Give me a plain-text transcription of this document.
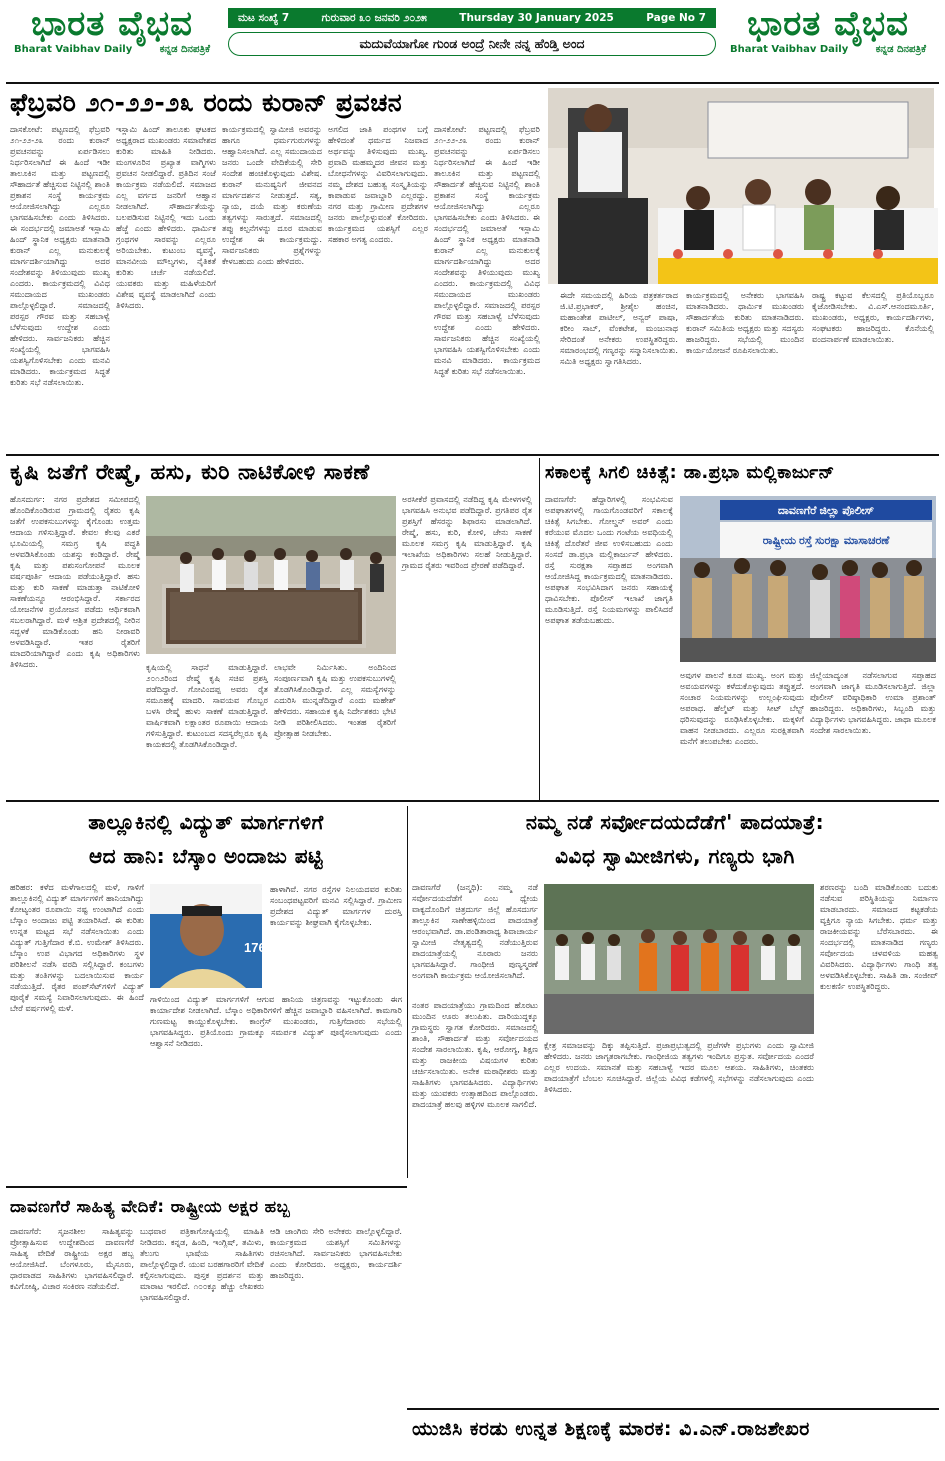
ಭಾರತ ವೈಭವ
Bharat Vaibhav Daily	ಕನ್ನಡ ದಿನಪತ್ರಿಕೆ
ಮಟ ಸಂಖ್ಯೆ 7	ಗುರುವಾರ ೩೦ ಜನವರಿ ೨೦೨೫	Thursday 30 January 2025	Page No 7
ಮದುವೆಯಾಗೋ ಗುಂಡ ಅಂದ್ರೆ ನೀನೇ ನನ್ನ ಹೆಂಡ್ತಿ ಅಂದ	ಭಾರತ ವೈಭವ
Bharat Vaibhav Daily	ಕನ್ನಡ ದಿನಪತ್ರಿಕೆ
ಫೆಬ್ರವರಿ ೨೧-೨೨-೨೩ ರಂದು ಕುರಾನ್ ಪ್ರವಚನ
ದಾಸಕೋಟೆ: ಪಟ್ಟಣದಲ್ಲಿ ಫೆಬ್ರವರಿ ೨೧-೨೨-೨೩ ರಂದು ಕುರಾನ್ ಪ್ರವಚನವನ್ನು ಏರ್ಪಡಿಸಲು ನಿರ್ಧರಿಸಲಾಗಿದೆ ಈ ಹಿಂದೆ ಇಡೀ ತಾಲೂಕಿನ ಮತ್ತು ಪಟ್ಟಣದಲ್ಲಿ ಸೌಹಾರ್ದತೆ ಹೆಚ್ಚಿಸುವ ನಿಟ್ಟಿನಲ್ಲಿ ಶಾಂತಿ ಪ್ರಕಾಶನ ಸಂಸ್ಥೆ ಕಾರ್ಯಕ್ರಮ ಆಯೋಜಿಸಲಾಗಿದ್ದು ಎಲ್ಲರೂ ಭಾಗವಹಿಸಬೇಕು ಎಂದು ತಿಳಿಸಿದರು. ಈ ಸಂದರ್ಭದಲ್ಲಿ ಜಮಾಅತೆ ಇಸ್ಲಾಮಿ ಹಿಂದ್ ಸ್ಥಾನಿಕ ಅಧ್ಯಕ್ಷರು ಮಾತನಾಡಿ ಕುರಾನ್ ಎಲ್ಲ ಮನುಕುಲಕ್ಕೆ ಮಾರ್ಗದರ್ಶಿಯಾಗಿದ್ದು ಅದರ ಸಂದೇಶವನ್ನು ತಿಳಿಯುವುದು ಮುಖ್ಯ ಎಂದರು. ಕಾರ್ಯಕ್ರಮದಲ್ಲಿ ವಿವಿಧ ಸಮುದಾಯದ ಮುಖಂಡರು ಪಾಲ್ಗೊಳ್ಳಲಿದ್ದಾರೆ. ಸಮಾಜದಲ್ಲಿ ಪರಸ್ಪರ ಗೌರವ ಮತ್ತು ಸಹಬಾಳ್ವೆ ಬೆಳೆಸುವುದು ಉದ್ದೇಶ ಎಂದು ಹೇಳಿದರು. ಸಾರ್ವಜನಿಕರು ಹೆಚ್ಚಿನ ಸಂಖ್ಯೆಯಲ್ಲಿ ಭಾಗವಹಿಸಿ ಯಶಸ್ವಿಗೊಳಿಸಬೇಕು ಎಂದು ಮನವಿ ಮಾಡಿದರು. ಕಾರ್ಯಕ್ರಮದ ಸಿದ್ಧತೆ ಕುರಿತು ಸಭೆ ನಡೆಸಲಾಯಿತು.
ಇಸ್ಲಾಮಿ ಹಿಂದ್ ತಾಲೂಕು ಘಟಕದ ಅಧ್ಯಕ್ಷರಾದ ಮುಖಂಡರು ಸಮಾವೇಶದ ಕುರಿತು ಮಾಹಿತಿ ನೀಡಿದರು. ಮಂಗಳೂರಿನ ಪ್ರಖ್ಯಾತ ವಾಗ್ಮಿಗಳು ಪ್ರವಚನ ನೀಡಲಿದ್ದಾರೆ. ಪ್ರತಿದಿನ ಸಂಜೆ ಕಾರ್ಯಕ್ರಮ ನಡೆಯಲಿದೆ. ಸಮಾಜದ ಎಲ್ಲ ವರ್ಗದ ಜನರಿಗೆ ಆಹ್ವಾನ ನೀಡಲಾಗಿದೆ. ಸೌಹಾರ್ದತೆಯನ್ನು ಬಲಪಡಿಸುವ ನಿಟ್ಟಿನಲ್ಲಿ ಇದು ಒಂದು ಹೆಜ್ಜೆ ಎಂದು ಹೇಳಿದರು. ಧಾರ್ಮಿಕ ಗ್ರಂಥಗಳ ಸಾರವನ್ನು ಎಲ್ಲರೂ ಅರಿಯಬೇಕು. ಕುಟುಂಬ ವ್ಯವಸ್ಥೆ, ಮಾನವೀಯ ಮೌಲ್ಯಗಳು, ನೈತಿಕತೆ ಕುರಿತು ಚರ್ಚೆ ನಡೆಯಲಿದೆ. ಯುವಕರು ಮತ್ತು ಮಹಿಳೆಯರಿಗೆ ವಿಶೇಷ ವ್ಯವಸ್ಥೆ ಮಾಡಲಾಗಿದೆ ಎಂದು ತಿಳಿಸಿದರು.
ಕಾರ್ಯಕ್ರಮದಲ್ಲಿ ಸ್ವಾಮೀಜಿ ಅವರನ್ನು ಹಾಗೂ ಧರ್ಮಗುರುಗಳನ್ನು ಆಹ್ವಾನಿಸಲಾಗಿದೆ. ಎಲ್ಲ ಸಮುದಾಯದ ಜನರು ಒಂದೇ ವೇದಿಕೆಯಲ್ಲಿ ಸೇರಿ ಸಂದೇಶ ಹಂಚಿಕೊಳ್ಳುವುದು ವಿಶೇಷ. ಕುರಾನ್ ಮನುಷ್ಯನಿಗೆ ಜೀವನದ ಮಾರ್ಗದರ್ಶನ ನೀಡುತ್ತದೆ. ಸತ್ಯ, ನ್ಯಾಯ, ದಯೆ ಮತ್ತು ಕರುಣೆಯ ತತ್ವಗಳನ್ನು ಸಾರುತ್ತದೆ. ಸಮಾಜದಲ್ಲಿ ತಪ್ಪು ಕಲ್ಪನೆಗಳನ್ನು ದೂರ ಮಾಡುವ ಉದ್ದೇಶ ಈ ಕಾರ್ಯಕ್ರಮದ್ದು. ಸಾರ್ವಜನಿಕರು ಪ್ರಶ್ನೆಗಳನ್ನು ಕೇಳಬಹುದು ಎಂದು ಹೇಳಿದರು.
ಅಗಲಿದ ಜಾತಿ ಪಂಥಗಳ ಬಗ್ಗೆ ಹೇಳಿದಂತೆ ಧರ್ಮದ ನಿಜವಾದ ಅರ್ಥವನ್ನು ತಿಳಿಸುವುದು ಮುಖ್ಯ. ಪ್ರವಾದಿ ಮಹಮ್ಮದರ ಜೀವನ ಮತ್ತು ಬೋಧನೆಗಳನ್ನು ವಿವರಿಸಲಾಗುವುದು. ನಮ್ಮ ದೇಶದ ಬಹುತ್ವ ಸಂಸ್ಕೃತಿಯನ್ನು ಕಾಪಾಡುವ ಜವಾಬ್ದಾರಿ ಎಲ್ಲರದ್ದು. ನಗರ ಮತ್ತು ಗ್ರಾಮೀಣ ಪ್ರದೇಶಗಳ ಜನರು ಪಾಲ್ಗೊಳ್ಳುವಂತೆ ಕೋರಿದರು. ಕಾರ್ಯಕ್ರಮದ ಯಶಸ್ಸಿಗೆ ಎಲ್ಲರ ಸಹಕಾರ ಅಗತ್ಯ ಎಂದರು.
ದಾಸಕೋಟೆ: ಪಟ್ಟಣದಲ್ಲಿ ಫೆಬ್ರವರಿ ೨೧-೨೨-೨೩ ರಂದು ಕುರಾನ್ ಪ್ರವಚನವನ್ನು ಏರ್ಪಡಿಸಲು ನಿರ್ಧರಿಸಲಾಗಿದೆ ಈ ಹಿಂದೆ ಇಡೀ ತಾಲೂಕಿನ ಮತ್ತು ಪಟ್ಟಣದಲ್ಲಿ ಸೌಹಾರ್ದತೆ ಹೆಚ್ಚಿಸುವ ನಿಟ್ಟಿನಲ್ಲಿ ಶಾಂತಿ ಪ್ರಕಾಶನ ಸಂಸ್ಥೆ ಕಾರ್ಯಕ್ರಮ ಆಯೋಜಿಸಲಾಗಿದ್ದು ಎಲ್ಲರೂ ಭಾಗವಹಿಸಬೇಕು ಎಂದು ತಿಳಿಸಿದರು. ಈ ಸಂದರ್ಭದಲ್ಲಿ ಜಮಾಅತೆ ಇಸ್ಲಾಮಿ ಹಿಂದ್ ಸ್ಥಾನಿಕ ಅಧ್ಯಕ್ಷರು ಮಾತನಾಡಿ ಕುರಾನ್ ಎಲ್ಲ ಮನುಕುಲಕ್ಕೆ ಮಾರ್ಗದರ್ಶಿಯಾಗಿದ್ದು ಅದರ ಸಂದೇಶವನ್ನು ತಿಳಿಯುವುದು ಮುಖ್ಯ ಎಂದರು. ಕಾರ್ಯಕ್ರಮದಲ್ಲಿ ವಿವಿಧ ಸಮುದಾಯದ ಮುಖಂಡರು ಪಾಲ್ಗೊಳ್ಳಲಿದ್ದಾರೆ. ಸಮಾಜದಲ್ಲಿ ಪರಸ್ಪರ ಗೌರವ ಮತ್ತು ಸಹಬಾಳ್ವೆ ಬೆಳೆಸುವುದು ಉದ್ದೇಶ ಎಂದು ಹೇಳಿದರು. ಸಾರ್ವಜನಿಕರು ಹೆಚ್ಚಿನ ಸಂಖ್ಯೆಯಲ್ಲಿ ಭಾಗವಹಿಸಿ ಯಶಸ್ವಿಗೊಳಿಸಬೇಕು ಎಂದು ಮನವಿ ಮಾಡಿದರು. ಕಾರ್ಯಕ್ರಮದ ಸಿದ್ಧತೆ ಕುರಿತು ಸಭೆ ನಡೆಸಲಾಯಿತು.
ಈದೇ ಸಮಯದಲ್ಲಿ ಹಿರಿಯ ಪತ್ರಕರ್ತರಾದ ಜಿ.ಟಿ.ಪ್ರಭಾಕರ್, ಶ್ರೀಶೈಲ ಹಂಚಿನ, ಮಹಾಂತೇಶ ಪಾಟೀಲ್, ಅನ್ವರ್ ಪಾಷಾ, ಕರೀಂ ಸಾಬ್, ವೆಂಕಟೇಶ, ಮಂಜುನಾಥ ಸೇರಿದಂತೆ ಅನೇಕರು ಉಪಸ್ಥಿತರಿದ್ದರು. ಸಮಾರಂಭದಲ್ಲಿ ಗಣ್ಯರನ್ನು ಸನ್ಮಾನಿಸಲಾಯಿತು. ಸಮಿತಿ ಅಧ್ಯಕ್ಷರು ಸ್ವಾಗತಿಸಿದರು.
ಕಾರ್ಯಕ್ರಮದಲ್ಲಿ ಅನೇಕರು ಭಾಗವಹಿಸಿ ಮಾತನಾಡಿದರು. ಧಾರ್ಮಿಕ ಮುಖಂಡರು ಸೌಹಾರ್ದತೆಯ ಕುರಿತು ಮಾತನಾಡಿದರು. ಕುರಾನ್ ಸಮಿತಿಯ ಅಧ್ಯಕ್ಷರು ಮತ್ತು ಸದಸ್ಯರು ಹಾಜರಿದ್ದರು. ಸಭೆಯಲ್ಲಿ ಮುಂದಿನ ಕಾರ್ಯಯೋಜನೆ ರೂಪಿಸಲಾಯಿತು.
ರಾಷ್ಟ್ರ ಕಟ್ಟುವ ಕೆಲಸದಲ್ಲಿ ಪ್ರತಿಯೊಬ್ಬರೂ ಕೈಜೋಡಿಸಬೇಕು. ವಿ.ಎಸ್.ಆನಂದಮೂರ್ತಿ, ಮುಖಂಡರು, ಅಧ್ಯಕ್ಷರು, ಕಾರ್ಯದರ್ಶಿಗಳು, ಸಂಘಟಕರು ಹಾಜರಿದ್ದರು. ಕೊನೆಯಲ್ಲಿ ವಂದನಾರ್ಪಣೆ ಮಾಡಲಾಯಿತು.
ಕೃಷಿ ಜತೆಗೆ ರೇಷ್ಮೆ, ಹಸು, ಕುರಿ ನಾಟಿಕೋಳಿ ಸಾಕಣೆ
ಹೊಸದುರ್ಗ: ನಗರ ಪ್ರದೇಶದ ಸಮೀಪದಲ್ಲಿ ಹೊಂದಿಕೊಂಡಿರುವ ಗ್ರಾಮದಲ್ಲಿ ರೈತರು ಕೃಷಿ ಜತೆಗೆ ಉಪಕಸುಬುಗಳನ್ನು ಕೈಗೊಂಡು ಉತ್ತಮ ಆದಾಯ ಗಳಿಸುತ್ತಿದ್ದಾರೆ. ಕೇವಲ ಕೆಲವು ಎಕರೆ ಭೂಮಿಯಲ್ಲಿ ಸಮಗ್ರ ಕೃಷಿ ಪದ್ಧತಿ ಅಳವಡಿಸಿಕೊಂಡು ಯಶಸ್ಸು ಕಂಡಿದ್ದಾರೆ. ರೇಷ್ಮೆ ಕೃಷಿ ಮತ್ತು ಪಶುಸಂಗೋಪನೆ ಮೂಲಕ ವರ್ಷಪೂರ್ತಿ ಆದಾಯ ಪಡೆಯುತ್ತಿದ್ದಾರೆ. ಹಸು ಮತ್ತು ಕುರಿ ಸಾಕಣೆ ಮಾಡುತ್ತಾ ನಾಟಿಕೋಳಿ ಸಾಕಣೆಯನ್ನೂ ಆರಂಭಿಸಿದ್ದಾರೆ. ಸರ್ಕಾರದ ಯೋಜನೆಗಳ ಪ್ರಯೋಜನ ಪಡೆದು ಆರ್ಥಿಕವಾಗಿ ಸಬಲರಾಗಿದ್ದಾರೆ. ಮಳೆ ಆಶ್ರಿತ ಪ್ರದೇಶದಲ್ಲಿ ನೀರಿನ ಸದ್ಬಳಕೆ ಮಾಡಿಕೊಂಡು ಹನಿ ನೀರಾವರಿ ಅಳವಡಿಸಿದ್ದಾರೆ. ಇತರ ರೈತರಿಗೆ ಮಾದರಿಯಾಗಿದ್ದಾರೆ ಎಂದು ಕೃಷಿ ಅಧಿಕಾರಿಗಳು ತಿಳಿಸಿದರು.	ಕೃಷಿಯಲ್ಲಿ ಸಾಧನೆ ಮಾಡುತ್ತಿದ್ದಾರೆ. ೨೦೧೨ರಿಂದ ರೇಷ್ಮೆ ಕೃಷಿ ಸಚಿವ ಪ್ರಶಸ್ತಿ ಪಡೆದಿದ್ದಾರೆ. ಗೋವಿಂದಪ್ಪ ಅವರು ರೈತ ಸಮೂಹಕ್ಕೆ ಮಾದರಿ. ಸಾವಯವ ಗೊಬ್ಬರ ಬಳಸಿ ರೇಷ್ಮೆ ಹುಳು ಸಾಕಣೆ ಮಾಡುತ್ತಿದ್ದಾರೆ. ವಾರ್ಷಿಕವಾಗಿ ಲಕ್ಷಾಂತರ ರೂಪಾಯಿ ಆದಾಯ ಗಳಿಸುತ್ತಿದ್ದಾರೆ. ಕುಟುಂಬದ ಸದಸ್ಯರೆಲ್ಲರೂ ಕೃಷಿ ಕಾಯಕದಲ್ಲಿ ತೊಡಗಿಸಿಕೊಂಡಿದ್ದಾರೆ.
ಲಾಭವೇ ನಿರ್ಮಿಸಿತು. ಅಂದಿನಿಂದ ಸಂಪೂರ್ಣವಾಗಿ ಕೃಷಿ ಮತ್ತು ಉಪಕಸುಬುಗಳಲ್ಲಿ ತೊಡಗಿಸಿಕೊಂಡಿದ್ದಾರೆ. ಎಲ್ಲ ಸಮಸ್ಯೆಗಳನ್ನು ಎದುರಿಸಿ ಮುನ್ನಡೆದಿದ್ದಾರೆ ಎಂದು ಮಹೇಶ್ ಹೇಳಿದರು. ಸಹಾಯಕ ಕೃಷಿ ನಿರ್ದೇಶಕರು ಭೇಟಿ ನೀಡಿ ಪರಿಶೀಲಿಸಿದರು. ಇಂತಹ ರೈತರಿಗೆ ಪ್ರೋತ್ಸಾಹ ನೀಡಬೇಕು.
ಅರಸೀಕೆರೆ ಪ್ರವಾಸದಲ್ಲಿ ನಡೆದಿದ್ದ ಕೃಷಿ ಮೇಳಗಳಲ್ಲಿ ಭಾಗವಹಿಸಿ ಅನುಭವ ಪಡೆದಿದ್ದಾರೆ. ಪ್ರಗತಿಪರ ರೈತ ಪ್ರಶಸ್ತಿಗೆ ಹೆಸರನ್ನು ಶಿಫಾರಸು ಮಾಡಲಾಗಿದೆ. ರೇಷ್ಮೆ, ಹಸು, ಕುರಿ, ಕೋಳಿ, ಜೇನು ಸಾಕಣೆ ಮೂಲಕ ಸಮಗ್ರ ಕೃಷಿ ಮಾಡುತ್ತಿದ್ದಾರೆ. ಕೃಷಿ ಇಲಾಖೆಯ ಅಧಿಕಾರಿಗಳು ಸಲಹೆ ನೀಡುತ್ತಿದ್ದಾರೆ. ಗ್ರಾಮದ ರೈತರು ಇವರಿಂದ ಪ್ರೇರಣೆ ಪಡೆದಿದ್ದಾರೆ.
ಸಕಾಲಕ್ಕೆ ಸಿಗಲಿ ಚಿಕಿತ್ಸೆ: ಡಾ.ಪ್ರಭಾ ಮಲ್ಲಿಕಾರ್ಜುನ್
ದಾವಣಗೆರೆ: ಹೆದ್ದಾರಿಗಳಲ್ಲಿ ಸಂಭವಿಸುವ ಅಪಘಾತಗಳಲ್ಲಿ ಗಾಯಗೊಂಡವರಿಗೆ ಸಕಾಲಕ್ಕೆ ಚಿಕಿತ್ಸೆ ಸಿಗಬೇಕು. ಗೋಲ್ಡನ್ ಅವರ್ ಎಂದು ಕರೆಯುವ ಮೊದಲ ಒಂದು ಗಂಟೆಯ ಅವಧಿಯಲ್ಲಿ ಚಿಕಿತ್ಸೆ ದೊರೆತರೆ ಜೀವ ಉಳಿಸಬಹುದು ಎಂದು ಸಂಸದೆ ಡಾ.ಪ್ರಭಾ ಮಲ್ಲಿಕಾರ್ಜುನ್ ಹೇಳಿದರು. ರಸ್ತೆ ಸುರಕ್ಷತಾ ಸಪ್ತಾಹದ ಅಂಗವಾಗಿ ಆಯೋಜಿಸಿದ್ದ ಕಾರ್ಯಕ್ರಮದಲ್ಲಿ ಮಾತನಾಡಿದರು. ಅಪಘಾತ ಸಂಭವಿಸಿದಾಗ ಜನರು ಸಹಾಯಕ್ಕೆ ಧಾವಿಸಬೇಕು. ಪೊಲೀಸ್ ಇಲಾಖೆ ಜಾಗೃತಿ ಮೂಡಿಸುತ್ತಿದೆ. ರಸ್ತೆ ನಿಯಮಗಳನ್ನು ಪಾಲಿಸಿದರೆ ಅಪಘಾತ ತಡೆಯಬಹುದು.
ದಾವಣಗೆರೆ ಜಿಲ್ಲಾ ಪೊಲೀಸ್
ರಾಷ್ಟ್ರೀಯ ರಸ್ತೆ ಸುರಕ್ಷಾ ಮಾಸಾಚರಣೆ
ಅವುಗಳ ಪಾಲನೆ ಕೂಡ ಮುಖ್ಯ. ಅಂಗ ಮತ್ತು ಅವಯವಗಳನ್ನು ಕಳೆದುಕೊಳ್ಳುವುದು ತಪ್ಪುತ್ತದೆ. ಸಂಚಾರ ನಿಯಮಗಳನ್ನು ಉಲ್ಲಂಘಿಸುವುದು ಅಪರಾಧ. ಹೆಲ್ಮೆಟ್ ಮತ್ತು ಸೀಟ್ ಬೆಲ್ಟ್ ಧರಿಸುವುದನ್ನು ರೂಢಿಸಿಕೊಳ್ಳಬೇಕು. ಮಕ್ಕಳಿಗೆ ವಾಹನ ನೀಡಬಾರದು. ಎಲ್ಲರೂ ಸುರಕ್ಷಿತವಾಗಿ ಮನೆಗೆ ತಲುಪಬೇಕು ಎಂದರು.
ಜಿಲ್ಲೆಯಾದ್ಯಂತ ನಡೆಸಲಾಗುವ ಸಪ್ತಾಹದ ಅಂಗವಾಗಿ ಜಾಗೃತಿ ಮೂಡಿಸಲಾಗುತ್ತಿದೆ. ಜಿಲ್ಲಾ ಪೊಲೀಸ್ ವರಿಷ್ಠಾಧಿಕಾರಿ ಉಮಾ ಪ್ರಶಾಂತ್ ಹಾಜರಿದ್ದರು. ಅಧಿಕಾರಿಗಳು, ಸಿಬ್ಬಂದಿ ಮತ್ತು ವಿದ್ಯಾರ್ಥಿಗಳು ಭಾಗವಹಿಸಿದ್ದರು. ಜಾಥಾ ಮೂಲಕ ಸಂದೇಶ ಸಾರಲಾಯಿತು.
ತಾಲ್ಲೂಕಿನಲ್ಲಿ ವಿದ್ಯುತ್ ಮಾರ್ಗಗಳಿಗೆ
ಆದ ಹಾನಿ: ಬೆಸ್ಕಾಂ ಅಂದಾಜು ಪಟ್ಟಿ
ಹರಿಹರ: ಕಳೆದ ಮಳೆಗಾಲದಲ್ಲಿ ಮಳೆ, ಗಾಳಿಗೆ ತಾಲ್ಲೂಕಿನಲ್ಲಿ ವಿದ್ಯುತ್ ಮಾರ್ಗಗಳಿಗೆ ಹಾನಿಯಾಗಿದ್ದು ಕೋಟ್ಯಂತರ ರೂಪಾಯಿ ನಷ್ಟ ಉಂಟಾಗಿದೆ ಎಂದು ಬೆಸ್ಕಾಂ ಅಂದಾಜು ಪಟ್ಟಿ ತಯಾರಿಸಿದೆ. ಈ ಕುರಿತು ಉನ್ನತ ಮಟ್ಟದ ಸಭೆ ನಡೆಸಲಾಯಿತು ಎಂದು ವಿದ್ಯುತ್ ಗುತ್ತಿಗೆದಾರ ಕೆ.ಬಿ. ಉಮೇಶ್ ತಿಳಿಸಿದರು. ಬೆಸ್ಕಾಂ ಉಪ ವಿಭಾಗದ ಅಧಿಕಾರಿಗಳು ಸ್ಥಳ ಪರಿಶೀಲನೆ ನಡೆಸಿ ವರದಿ ಸಲ್ಲಿಸಿದ್ದಾರೆ. ಕಂಬಗಳು ಮತ್ತು ತಂತಿಗಳನ್ನು ಬದಲಾಯಿಸುವ ಕಾರ್ಯ ನಡೆಯುತ್ತಿದೆ. ರೈತರ ಪಂಪ್‌ಸೆಟ್‌ಗಳಿಗೆ ವಿದ್ಯುತ್ ಪೂರೈಕೆ ಸಮಸ್ಯೆ ನಿವಾರಿಸಲಾಗುವುದು. ಈ ಹಿಂದೆ ಬೇರೆ ವರ್ಷಗಳಲ್ಲಿ ಮಳೆ.
176
ಹಾಳಾಗಿವೆ. ನಗರ ರಸ್ತೆಗಳ ನಿಲಯದವರ ಕುರಿತು ಸಂಬಂಧಪಟ್ಟವರಿಗೆ ಮನವಿ ಸಲ್ಲಿಸಿದ್ದಾರೆ. ಗ್ರಾಮೀಣ ಪ್ರದೇಶದ ವಿದ್ಯುತ್ ಮಾರ್ಗಗಳ ದುರಸ್ತಿ ಕಾರ್ಯವನ್ನು ಶೀಘ್ರವಾಗಿ ಕೈಗೊಳ್ಳಬೇಕು.
ಗಾಳಿಯಿಂದ ವಿದ್ಯುತ್ ಮಾರ್ಗಗಳಿಗೆ ಆಗುವ ಹಾನಿಯ ಚಿತ್ರಣವನ್ನು ಇಟ್ಟುಕೊಂಡು ಈಗ ಕಾರ್ಯಾದೇಶ ನೀಡಲಾಗಿದೆ. ಬೆಸ್ಕಾಂ ಅಧಿಕಾರಿಗಳಿಗೆ ಹೆಚ್ಚಿನ ಜವಾಬ್ದಾರಿ ವಹಿಸಲಾಗಿದೆ. ಕಾಮಗಾರಿ ಗುಣಮಟ್ಟ ಕಾಯ್ದುಕೊಳ್ಳಬೇಕು. ಕಾಂಗ್ರೆಸ್ ಮುಖಂಡರು, ಗುತ್ತಿಗೆದಾರರು ಸಭೆಯಲ್ಲಿ ಭಾಗವಹಿಸಿದ್ದರು. ಪ್ರತಿಯೊಂದು ಗ್ರಾಮಕ್ಕೂ ಸಮರ್ಪಕ ವಿದ್ಯುತ್ ಪೂರೈಸಲಾಗುವುದು ಎಂದು ಆಶ್ವಾಸನೆ ನೀಡಿದರು.
ನಮ್ಮ ನಡೆ ಸರ್ವೋದಯದೆಡೆಗೆ' ಪಾದಯಾತ್ರೆ:
ವಿವಿಧ ಸ್ವಾಮೀಜಿಗಳು, ಗಣ್ಯರು ಭಾಗಿ
ದಾವಣಗೆರೆ (ಜನ್ಮಧಿ): ನಮ್ಮ ನಡೆ ಸರ್ವೋದಯದೆಡೆಗೆ ಎಂಬ ಧ್ಯೇಯ ವಾಕ್ಯದೊಂದಿಗೆ ಚಿತ್ರದುರ್ಗ ಜಿಲ್ಲೆ ಹೊಸದುರ್ಗ ತಾಲ್ಲೂಕಿನ ಸಾಣೇಹಳ್ಳಿಯಿಂದ ಪಾದಯಾತ್ರೆ ಆರಂಭವಾಗಿದೆ. ಡಾ.ಪಂಡಿತಾರಾಧ್ಯ ಶಿವಾಚಾರ್ಯ ಸ್ವಾಮೀಜಿ ನೇತೃತ್ವದಲ್ಲಿ ನಡೆಯುತ್ತಿರುವ ಪಾದಯಾತ್ರೆಯಲ್ಲಿ ನೂರಾರು ಜನರು ಭಾಗವಹಿಸಿದ್ದಾರೆ. ಗಾಂಧೀಜಿ ಪುಣ್ಯಸ್ಮರಣೆ ಅಂಗವಾಗಿ ಕಾರ್ಯಕ್ರಮ ಆಯೋಜಿಸಲಾಗಿದೆ.
ಶರಣರನ್ನು ಬಂದಿ ಮಾಡಿಕೊಂಡು ಬದುಕು ನಡೆಸುವ ಪರಿಸ್ಥಿತಿಯನ್ನು ನಿರ್ಮಾಣ ಮಾಡಬಾರದು. ಸಮಾಜದ ಕಟ್ಟಕಡೆಯ ವ್ಯಕ್ತಿಗೂ ನ್ಯಾಯ ಸಿಗಬೇಕು. ಧರ್ಮ ಮತ್ತು ರಾಜಕೀಯವನ್ನು ಬೆರೆಸಬಾರದು. ಈ ಸಂದರ್ಭದಲ್ಲಿ ಮಾತನಾಡಿದ ಗಣ್ಯರು ಸರ್ವೋದಯ ಚಳವಳಿಯ ಮಹತ್ವ ವಿವರಿಸಿದರು. ವಿದ್ಯಾರ್ಥಿಗಳು ಗಾಂಧಿ ತತ್ವ ಅಳವಡಿಸಿಕೊಳ್ಳಬೇಕು. ಸಾಹಿತಿ ಡಾ. ಸಂಜೀವ್ ಕುಲಕರ್ಣಿ ಉಪಸ್ಥಿತರಿದ್ದರು.
ನಂತರ ಪಾದಯಾತ್ರೆಯು ಗ್ರಾಮದಿಂದ ಹೊರಟು ಮುಂದಿನ ಊರು ತಲುಪಿತು. ದಾರಿಯುದ್ದಕ್ಕೂ ಗ್ರಾಮಸ್ಥರು ಸ್ವಾಗತ ಕೋರಿದರು. ಸಮಾಜದಲ್ಲಿ ಶಾಂತಿ, ಸೌಹಾರ್ದತೆ ಮತ್ತು ಸರ್ವೋದಯದ ಸಂದೇಶ ಸಾರಲಾಯಿತು. ಕೃಷಿ, ಆರೋಗ್ಯ, ಶಿಕ್ಷಣ ಮತ್ತು ರಾಜಕೀಯ ವಿಷಯಗಳ ಕುರಿತು ಚರ್ಚಿಸಲಾಯಿತು. ಅನೇಕ ಮಠಾಧೀಶರು ಮತ್ತು ಸಾಹಿತಿಗಳು ಭಾಗವಹಿಸಿದರು. ವಿದ್ಯಾರ್ಥಿಗಳು ಮತ್ತು ಯುವಕರು ಉತ್ಸಾಹದಿಂದ ಪಾಲ್ಗೊಂಡರು. ಪಾದಯಾತ್ರೆ ಹಲವು ಹಳ್ಳಿಗಳ ಮೂಲಕ ಸಾಗಲಿದೆ.
ಕ್ಷೇತ್ರ ಸಮಾಜವನ್ನು ದಿಕ್ಕು ತಪ್ಪಿಸುತ್ತಿದೆ. ಪ್ರಜಾಪ್ರಭುತ್ವದಲ್ಲಿ ಪ್ರಜೆಗಳೇ ಪ್ರಭುಗಳು ಎಂದು ಸ್ವಾಮೀಜಿ ಹೇಳಿದರು. ಜನರು ಜಾಗೃತರಾಗಬೇಕು. ಗಾಂಧೀಜಿಯ ತತ್ವಗಳು ಇಂದಿಗೂ ಪ್ರಸ್ತುತ. ಸರ್ವೋದಯ ಎಂದರೆ ಎಲ್ಲರ ಉದಯ. ಸಮಾನತೆ ಮತ್ತು ಸಹಬಾಳ್ವೆ ಇದರ ಮೂಲ ಆಶಯ. ಸಾಹಿತಿಗಳು, ಚಿಂತಕರು ಪಾದಯಾತ್ರೆಗೆ ಬೆಂಬಲ ಸೂಚಿಸಿದ್ದಾರೆ. ಜಿಲ್ಲೆಯ ವಿವಿಧ ಕಡೆಗಳಲ್ಲಿ ಸಭೆಗಳನ್ನು ನಡೆಸಲಾಗುವುದು ಎಂದು ತಿಳಿಸಿದರು.
ದಾವಣಗೆರೆ ಸಾಹಿತ್ಯ ವೇದಿಕೆ: ರಾಷ್ಟ್ರೀಯ ಅಕ್ಷರ ಹಬ್ಬ
ದಾವಣಗೆರೆ: ಸೃಜನಶೀಲ ಸಾಹಿತ್ಯವನ್ನು ಪ್ರೋತ್ಸಾಹಿಸುವ ಉದ್ದೇಶದಿಂದ ದಾವಣಗೆರೆ ಸಾಹಿತ್ಯ ವೇದಿಕೆ ರಾಷ್ಟ್ರೀಯ ಅಕ್ಷರ ಹಬ್ಬ ಆಯೋಜಿಸಿದೆ. ಬೆಂಗಳೂರು, ಮೈಸೂರು, ಧಾರವಾಡದ ಸಾಹಿತಿಗಳು ಭಾಗವಹಿಸಲಿದ್ದಾರೆ. ಕವಿಗೋಷ್ಠಿ, ವಿಚಾರ ಸಂಕಿರಣ ನಡೆಯಲಿದೆ.
ಬುಧವಾರ ಪತ್ರಿಕಾಗೋಷ್ಠಿಯಲ್ಲಿ ಮಾಹಿತಿ ನೀಡಿದರು. ಕನ್ನಡ, ಹಿಂದಿ, ಇಂಗ್ಲಿಷ್, ತಮಿಳು, ತೆಲುಗು ಭಾಷೆಯ ಸಾಹಿತಿಗಳು ಪಾಲ್ಗೊಳ್ಳಲಿದ್ದಾರೆ. ಯುವ ಬರಹಗಾರರಿಗೆ ವೇದಿಕೆ ಕಲ್ಪಿಸಲಾಗುವುದು. ಪುಸ್ತಕ ಪ್ರದರ್ಶನ ಮತ್ತು ಮಾರಾಟ ಇರಲಿದೆ. ೧೦೦ಕ್ಕೂ ಹೆಚ್ಚು ಲೇಖಕರು ಭಾಗವಹಿಸಲಿದ್ದಾರೆ.
ಆಡಿ ಜಾಂಗಿರು ಸೇರಿ ಅನೇಕರು ಪಾಲ್ಗೊಳ್ಳಲಿದ್ದಾರೆ. ಕಾರ್ಯಕ್ರಮದ ಯಶಸ್ಸಿಗೆ ಸಮಿತಿಗಳನ್ನು ರಚಿಸಲಾಗಿದೆ. ಸಾರ್ವಜನಿಕರು ಭಾಗವಹಿಸಬೇಕು ಎಂದು ಕೋರಿದರು. ಅಧ್ಯಕ್ಷರು, ಕಾರ್ಯದರ್ಶಿ ಹಾಜರಿದ್ದರು.
ಯುಜಿಸಿ ಕರಡು ಉನ್ನತ ಶಿಕ್ಷಣಕ್ಕೆ ಮಾರಕ: ವಿ.ಎನ್.ರಾಜಶೇಖರ
